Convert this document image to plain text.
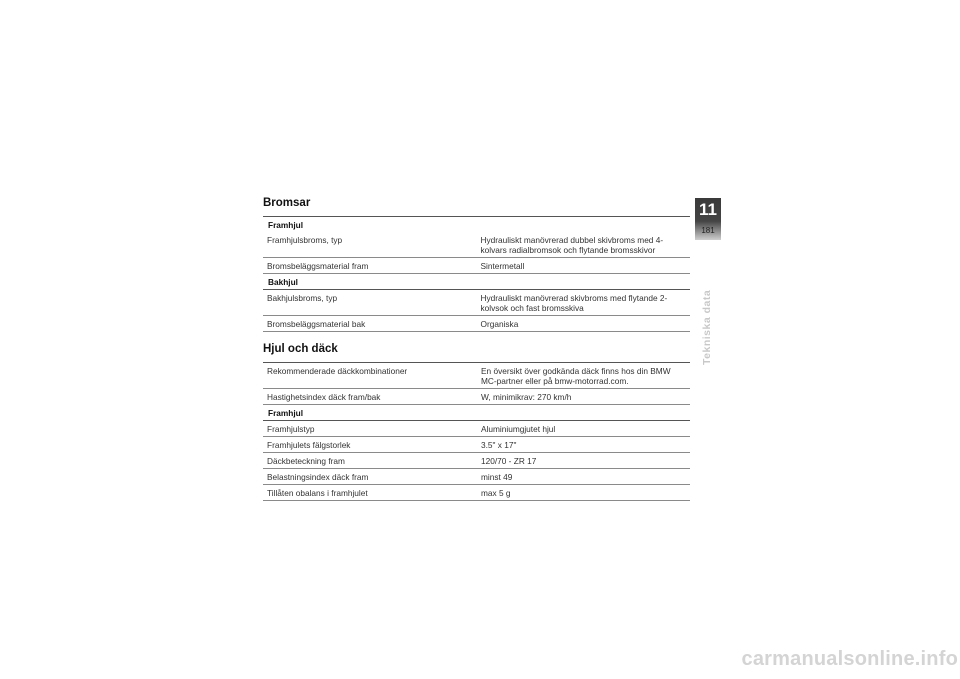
Bromsar
Framhjul	
Framhjulsbroms, typ	Hydrauliskt manövrerad dubbel skivbroms med 4-kolvars radialbromsok och flytande bromsskivor
Bromsbeläggsmaterial fram	Sintermetall
Bakhjul	
Bakhjulsbroms, typ	Hydrauliskt manövrerad skivbroms med flytande 2-kolvsok och fast bromsskiva
Bromsbeläggsmaterial bak	Organiska
Hjul och däck
Rekommenderade däckkombinationer	En översikt över godkända däck finns hos din BMW MC-partner eller på bmw-motorrad.com.
Hastighetsindex däck fram/bak	W, minimikrav: 270 km/h
Framhjul	
Framhjulstyp	Aluminiumgjutet hjul
Framhjulets fälgstorlek	3.5" x 17"
Däckbeteckning fram	120/70 - ZR 17
Belastningsindex däck fram	minst 49
Tillåten obalans i framhjulet	max 5 g
11
181
Tekniska data
carmanualsonline.info
